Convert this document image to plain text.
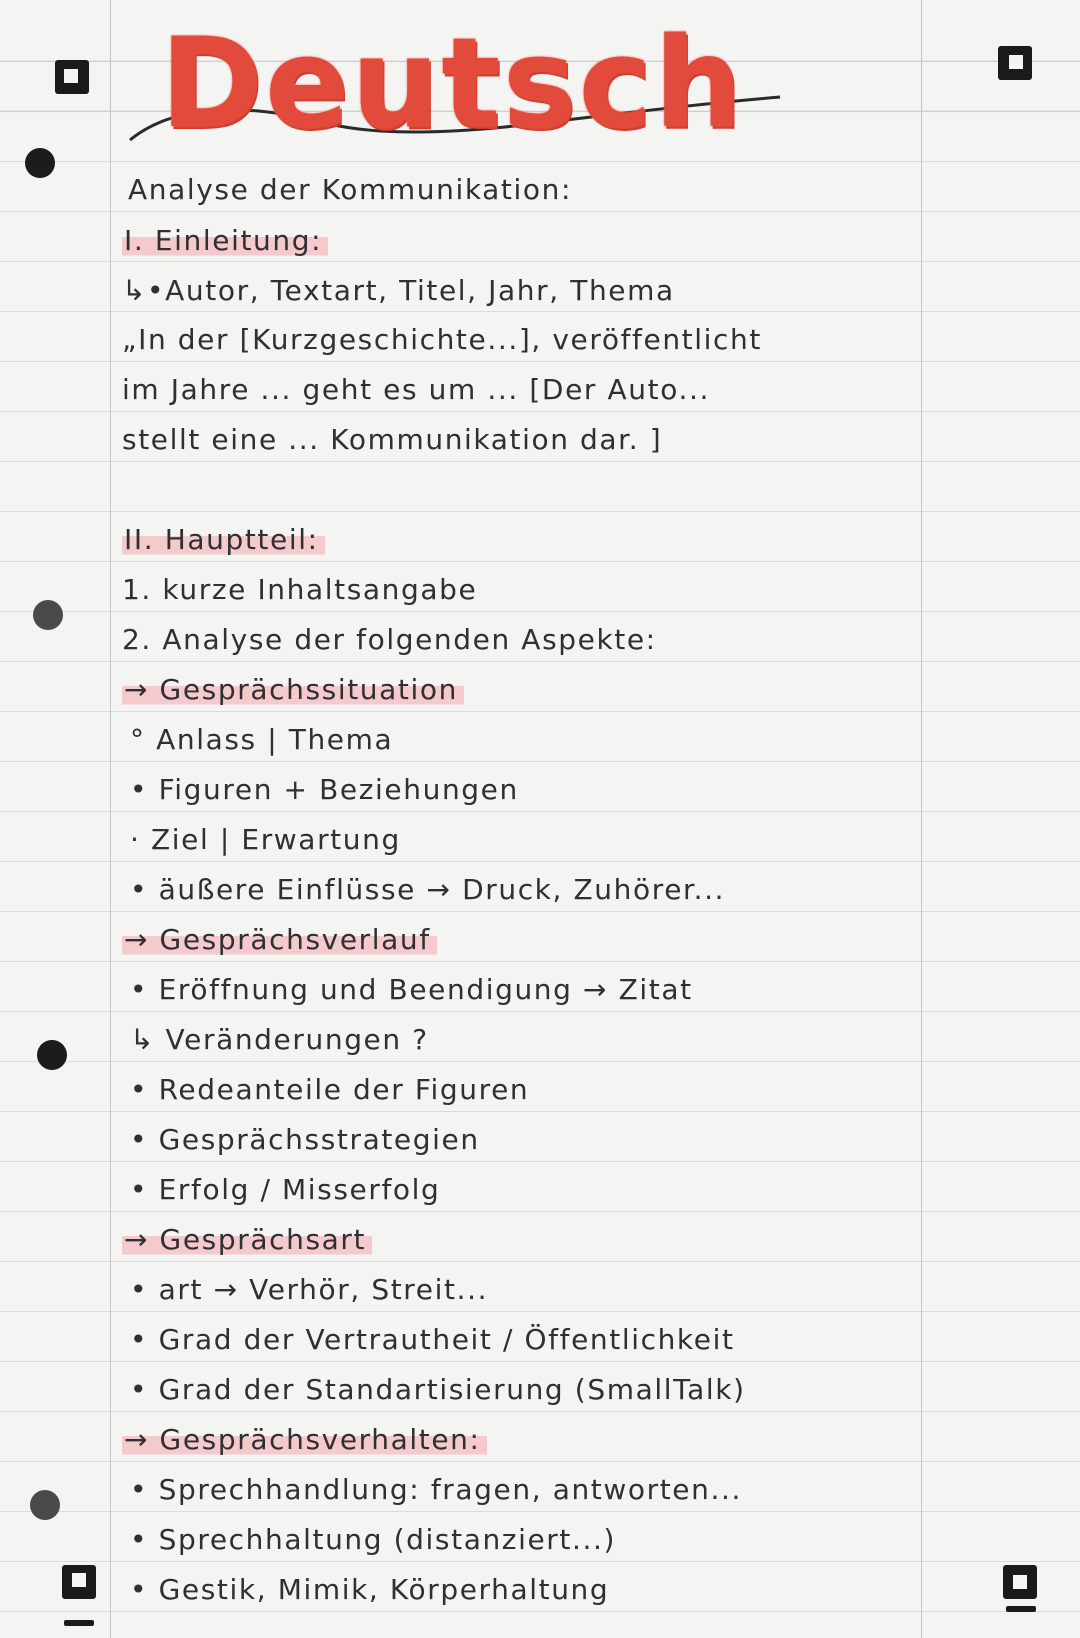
Deutsch
Analyse der Kommunikation:
I. Einleitung:
↳•Autor, Textart, Titel, Jahr, Thema
„In der [Kurzgeschichte...], veröffentlicht
im Jahre ... geht es um ... [Der Auto...
stellt eine ... Kommunikation dar. ]
II. Hauptteil:
1. kurze Inhaltsangabe
2. Analyse der folgenden Aspekte:
→ Gesprächssituation
° Anlass | Thema
• Figuren + Beziehungen
· Ziel | Erwartung
• äußere Einflüsse → Druck, Zuhörer...
→ Gesprächsverlauf
• Eröffnung und Beendigung → Zitat
↳ Veränderungen ?
• Redeanteile der Figuren
• Gesprächsstrategien
• Erfolg / Misserfolg
→ Gesprächsart
• art → Verhör, Streit...
• Grad der Vertrautheit / Öffentlichkeit
• Grad der Standartisierung (SmallTalk)
→ Gesprächsverhalten:
• Sprechhandlung: fragen, antworten...
• Sprechhaltung (distanziert...)
• Gestik, Mimik, Körperhaltung
